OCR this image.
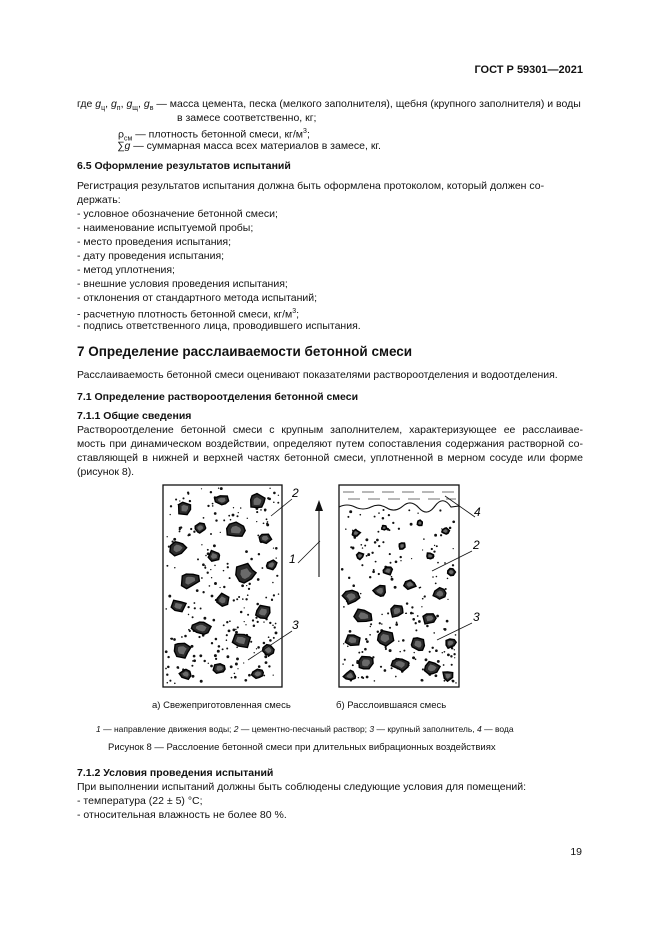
ГОСТ Р 59301—2021
где $g_ц$, $g_п$, $g_щ$, $g_в$ — масса цемента, песка (мелкого заполнителя), щебня (крупного заполнителя) и воды
в замесе соответственно, кг;
$\rho_{см}$ — плотность бетонной смеси, $кг/м^3$;
∑g — суммарная масса всех материалов в замесе, кг.
6.5 Оформление результатов испытаний
Регистрация результатов испытания должна быть оформлена протоколом, который должен со-
держать:
- условное обозначение бетонной смеси;
- наименование испытуемой пробы;
- место проведения испытания;
- дату проведения испытания;
- метод уплотнения;
- внешние условия проведения испытания;
- отклонения от стандартного метода испытаний;
- расчетную плотность бетонной смеси, $кг/м^3$;
- подпись ответственного лица, проводившего испытания.
7 Определение расслаиваемости бетонной смеси
Расслаиваемость бетонной смеси оценивают показателями раствороотделения и водоотделения.
7.1 Определение раствороотделения бетонной смеси
7.1.1 Общие сведения
Раствороотделение бетонной смеси с крупным заполнителем, характеризующее ее расслаивае-
мость при динамическом воздействии, определяют путем сопоставления содержания растворной со-
ставляющей в нижней и верхней частях бетонной смеси, уплотненной в мерном сосуде или форме
(рисунок 8).
2
3
1
4
2
3
а) Свежеприготовленная смесь	б) Расслоившаяся смесь
1 — направление движения воды; 2 — цементно-песчаный раствор; 3 — крупный заполнитель, 4 — вода
Рисунок 8 — Расслоение бетонной смеси при длительных вибрационных воздействиях
7.1.2 Условия проведения испытаний
При выполнении испытаний должны быть соблюдены следующие условия для помещений:
- температура (22 ± 5) °С;
- относительная влажность не более 80 %.
19
